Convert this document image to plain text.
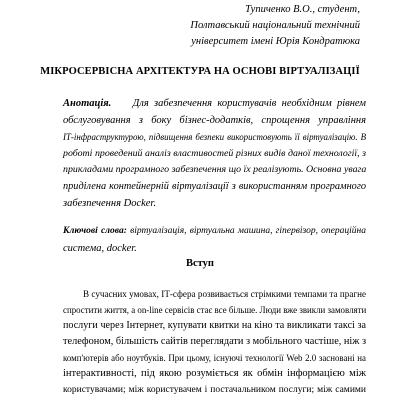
Тупиченко В.О., студент,
Полтавський національний технічний
університет імені Юрія Кондратюка
МІКРОСЕРВІСНА АРХІТЕКТУРА НА ОСНОВІ ВІРТУАЛІЗАЦІЇ
Анотація. Для забезпечення користувачів необхідним рівнем
обслуговування з боку бізнес-додатків, спрощення управління
ІТ-інфраструктурою, підвищення безпеки використовують її віртуалізацію. В
роботі проведений аналіз властивостей різних видів даної технології, з
прикладами програмного забезпечення що їх реалізують. Основна увага
приділена контейнерній віртуалізації з використанням програмного
забезпечення Docker.
Ключові слова: віртуалізація, віртуальна машина, гіпервізор, операційна
система, docker.
Вступ
В сучасних умовах, ІТ-сфера розвивається стрімкими темпами та прагне
спростити життя, а on-line сервісів стає все більше. Люди вже звикли замовляти
послуги через Інтернет, купувати квитки на кіно та викликати таксі за
телефоном, більшість сайтів переглядати з мобільного частіше, ніж з
комп'ютерів або ноутбуків. При цьому, існуючі технології Web 2.0 засновані на
інтерактивності, під якою розуміється як обмін інформацією між
користувачами; між користувачем і постачальником послуги; між самими
